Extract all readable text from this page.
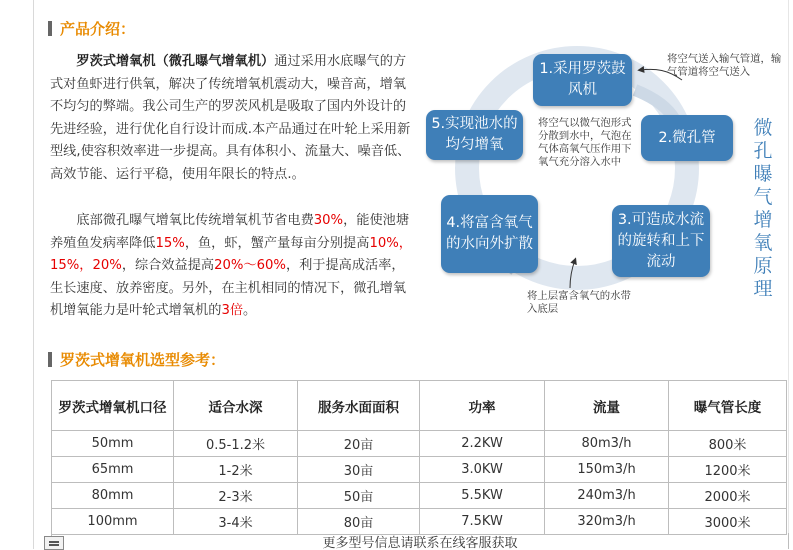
产品介绍：
罗茨式增氧机（微孔曝气增氧机）通过采用水底曝气的方式对鱼虾进行供氧，解决了传统增氧机震动大，噪音高，增氧不均匀的弊端。我公司生产的罗茨风机是吸取了国内外设计的先进经验，进行优化自行设计而成.本产品通过在叶轮上采用新型线,使容积效率进一步提高。具有体积小、流量大、噪音低、高效节能、运行平稳，使用年限长的特点.。
底部微孔曝气增氧比传统增氧机节省电费30%，能使池塘养殖鱼发病率降低15%，鱼，虾，蟹产量每亩分别提高10%，15%，20%，综合效益提高20%～60%，利于提高成活率，生长速度、放养密度。另外，在主机相同的情况下，微孔增氧机增氧能力是叶轮式增氧机的3倍。
1.采用罗茨鼓风机
2.微孔管
3.可造成水流的旋转和上下流动
4.将富含氧气的水向外扩散
5.实现池水的均匀增氧
将空气送入输气管道，输气管道将空气送入
将空气以微气泡形式分散到水中，气泡在气体高氧气压作用下氧气充分溶入水中
将上层富含氧气的水带入底层
微孔曝气增氧原理
罗茨式增氧机选型参考：
罗茨式增氧机口径	适合水深	服务水面面积	功率	流量	曝气管长度
50mm	0.5-1.2米	20亩	2.2KW	80m3/h	800米
65mm	1-2米	30亩	3.0KW	150m3/h	1200米
80mm	2-3米	50亩	5.5KW	240m3/h	2000米
100mm	3-4米	80亩	7.5KW	320m3/h	3000米
更多型号信息请联系在线客服获取
